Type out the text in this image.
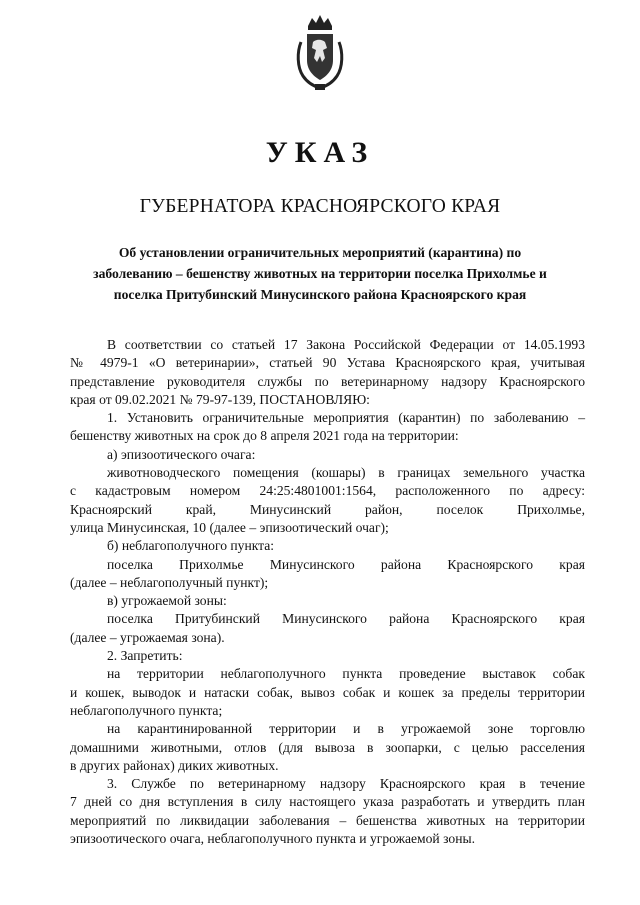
УКАЗ
ГУБЕРНАТОРА КРАСНОЯРСКОГО КРАЯ
Об установлении ограничительных мероприятий (карантина) по
заболеванию – бешенству животных на территории поселка Прихолмье и
поселка Притубинский Минусинского района Красноярского края
В соответствии со статьей 17 Закона Российской Федерации от 14.05.1993
№ 4979-1 «О ветеринарии», статьей 90 Устава Красноярского края, учитывая
представление руководителя службы по ветеринарному надзору Красноярского
края от 09.02.2021 № 79-97-139, ПОСТАНОВЛЯЮ:
1. Установить ограничительные мероприятия (карантин) по заболеванию –
бешенству животных на срок до 8 апреля 2021 года на территории:
а) эпизоотического очага:
животноводческого помещения (кошары) в границах земельного участка
с кадастровым номером 24:25:4801001:1564, расположенного по адресу:
Красноярский край, Минусинский район, поселок Прихолмье,
улица Минусинская, 10 (далее – эпизоотический очаг);
б) неблагополучного пункта:
поселка Прихолмье Минусинского района Красноярского края
(далее – неблагополучный пункт);
в) угрожаемой зоны:
поселка Притубинский Минусинского района Красноярского края
(далее – угрожаемая зона).
2. Запретить:
на территории неблагополучного пункта проведение выставок собак
и кошек, выводок и натаски собак, вывоз собак и кошек за пределы территории
неблагополучного пункта;
на карантинированной территории и в угрожаемой зоне торговлю
домашними животными, отлов (для вывоза в зоопарки, с целью расселения
в других районах) диких животных.
3. Службе по ветеринарному надзору Красноярского края в течение
7 дней со дня вступления в силу настоящего указа разработать и утвердить план
мероприятий по ликвидации заболевания – бешенства животных на территории
эпизоотического очага, неблагополучного пункта и угрожаемой зоны.
